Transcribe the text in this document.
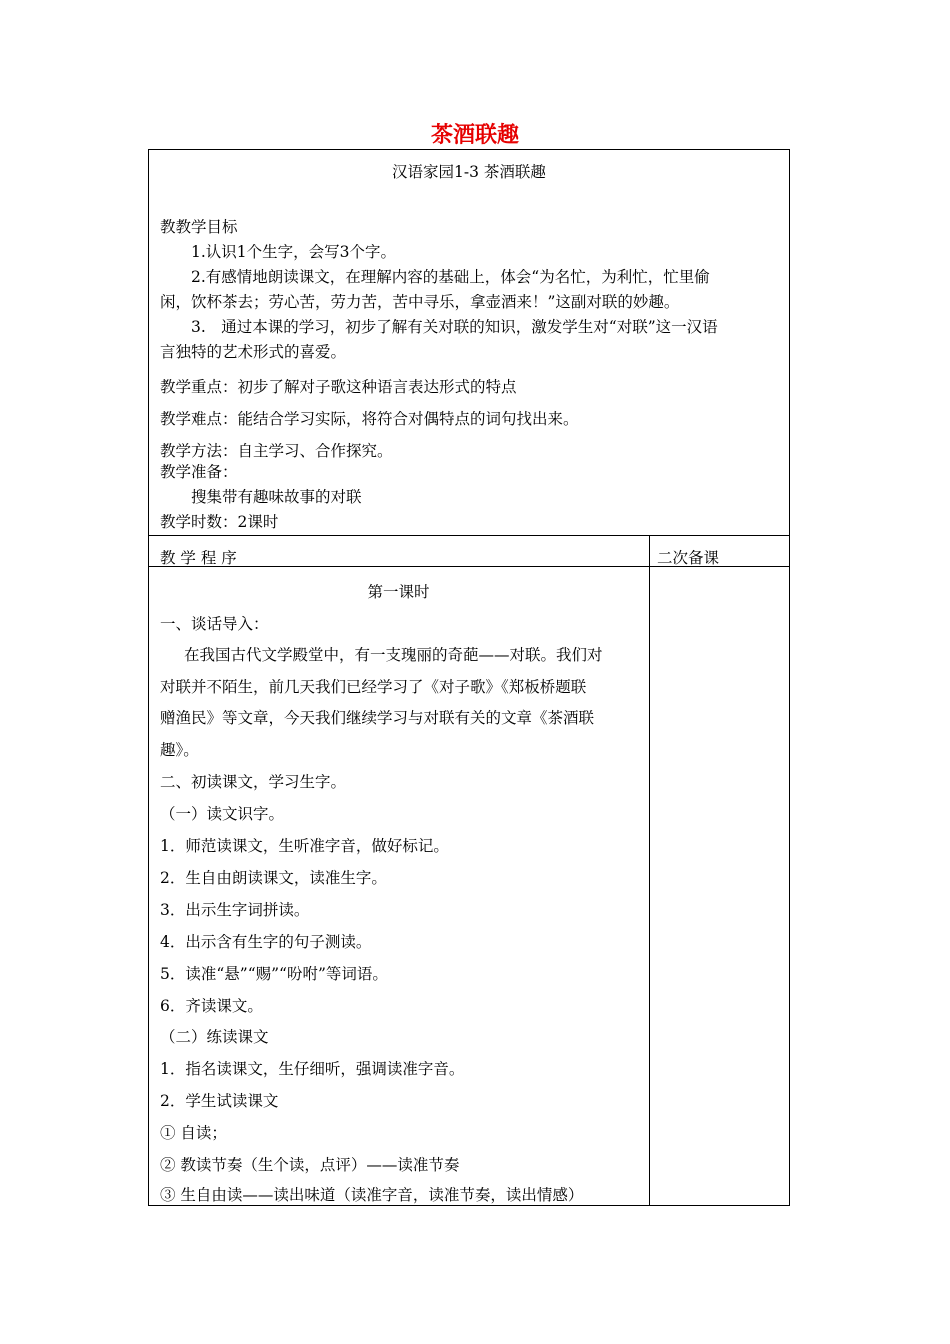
茶酒联趣
汉语家园1-3 茶酒联趣
教教学目标
1.认识1个生字，会写3个字。
2.有感情地朗读课文，在理解内容的基础上，体会“为名忙，为利忙，忙里偷
闲，饮杯茶去；劳心苦，劳力苦，苦中寻乐，拿壶酒来！”这副对联的妙趣。
3.　通过本课的学习，初步了解有关对联的知识，激发学生对“对联”这一汉语
言独特的艺术形式的喜爱。
教学重点：初步了解对子歌这种语言表达形式的特点
教学难点：能结合学习实际，将符合对偶特点的词句找出来。
教学方法：自主学习、合作探究。
教学准备：
搜集带有趣味故事的对联
教学时数：2课时
教 学 程 序	二次备课
第一课时
一、谈话导入：
在我国古代文学殿堂中，有一支瑰丽的奇葩——对联。我们对
对联并不陌生，前几天我们已经学习了《对子歌》《郑板桥题联
赠渔民》等文章，今天我们继续学习与对联有关的文章《茶酒联
趣》。
二、初读课文，学习生字。
（一）读文识字。
1．师范读课文，生听准字音，做好标记。
2．生自由朗读课文，读准生字。
3．出示生字词拼读。
4．出示含有生字的句子测读。
5．读准“悬”“赐”“吩咐”等词语。
6．齐读课文。
（二）练读课文
1．指名读课文，生仔细听，强调读准字音。
2．学生试读课文
① 自读；
② 教读节奏（生个读，点评）——读准节奏
③ 生自由读——读出味道（读准字音，读准节奏，读出情感）
